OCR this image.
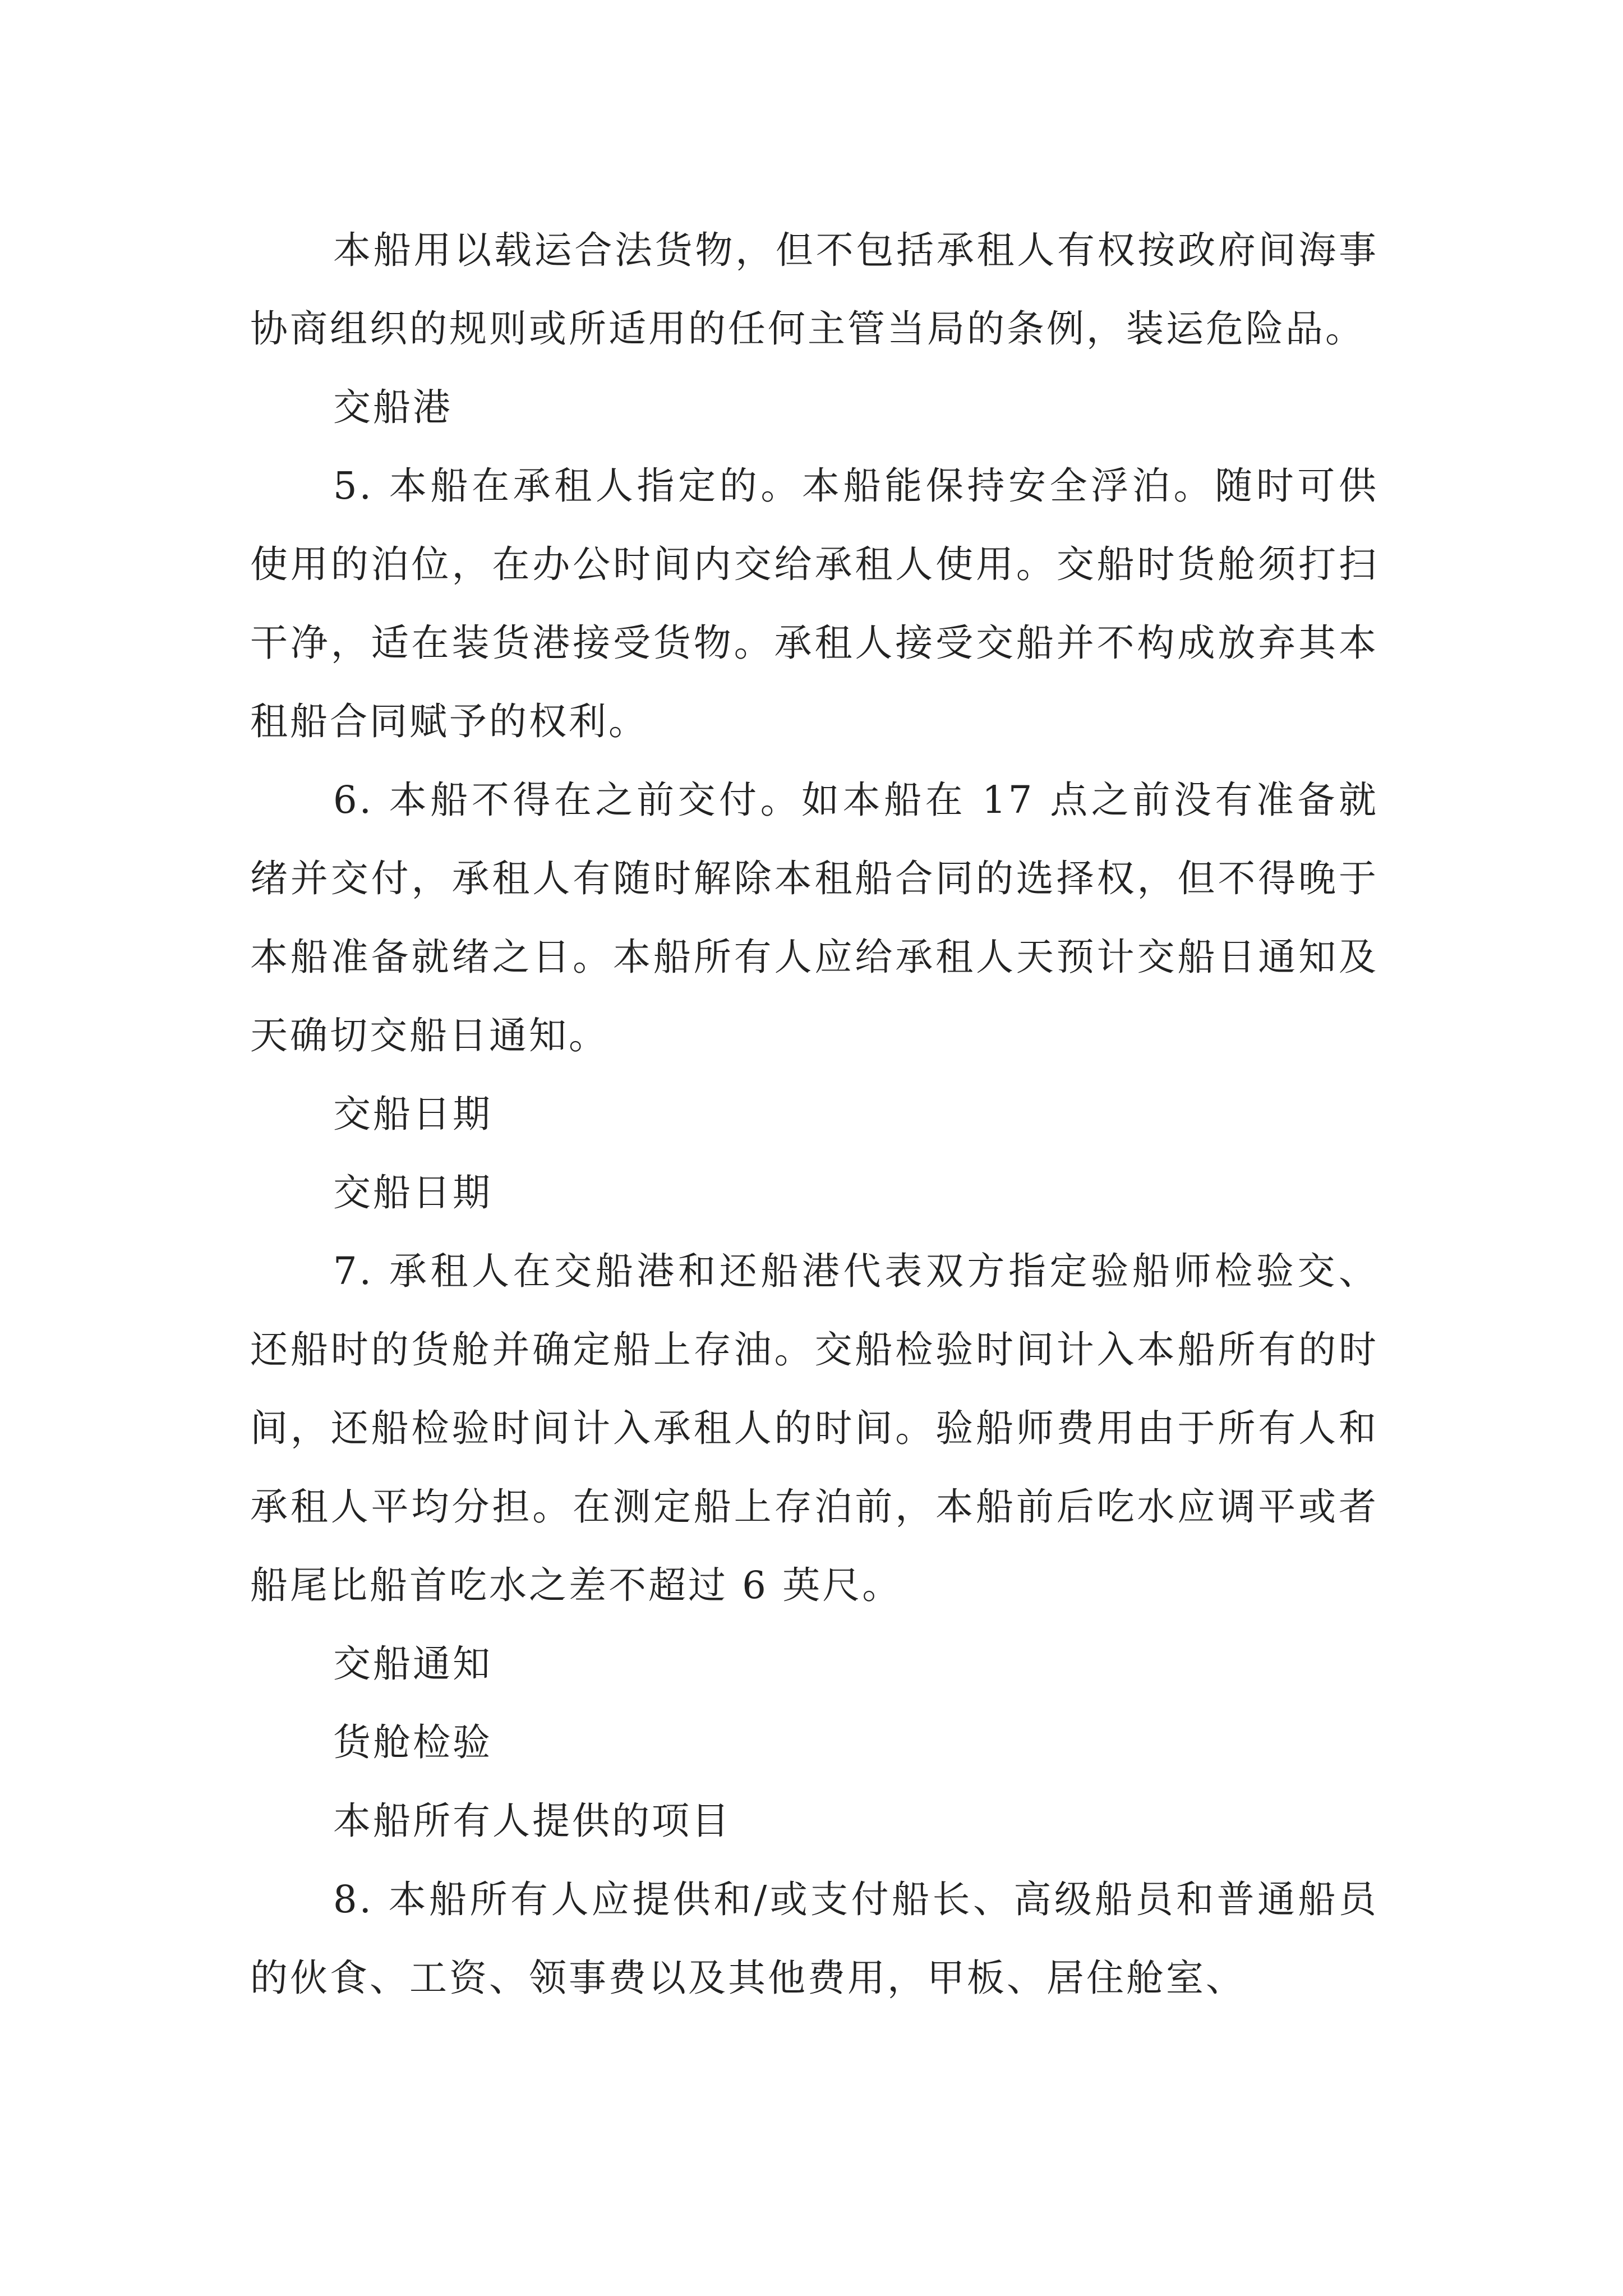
本船用以载运合法货物，但不包括承租人有权按政府间海事协商组织的规则或所适用的任何主管当局的条例，装运危险品。

交船港

5. 本船在承租人指定的。本船能保持安全浮泊。随时可供使用的泊位，在办公时间内交给承租人使用。交船时货舱须打扫干净，适在装货港接受货物。承租人接受交船并不构成放弃其本租船合同赋予的权利。

6. 本船不得在之前交付。如本船在 17 点之前没有准备就绪并交付，承租人有随时解除本租船合同的选择权，但不得晚于本船准备就绪之日。本船所有人应给承租人天预计交船日通知及天确切交船日通知。

交船日期

交船日期

7. 承租人在交船港和还船港代表双方指定验船师检验交、还船时的货舱并确定船上存油。交船检验时间计入本船所有的时间，还船检验时间计入承租人的时间。验船师费用由于所有人和承租人平均分担。在测定船上存泊前，本船前后吃水应调平或者船尾比船首吃水之差不超过 6 英尺。

交船通知

货舱检验

本船所有人提供的项目

8. 本船所有人应提供和/或支付船长、高级船员和普通船员的伙食、工资、领事费以及其他费用，甲板、居住舱室、
